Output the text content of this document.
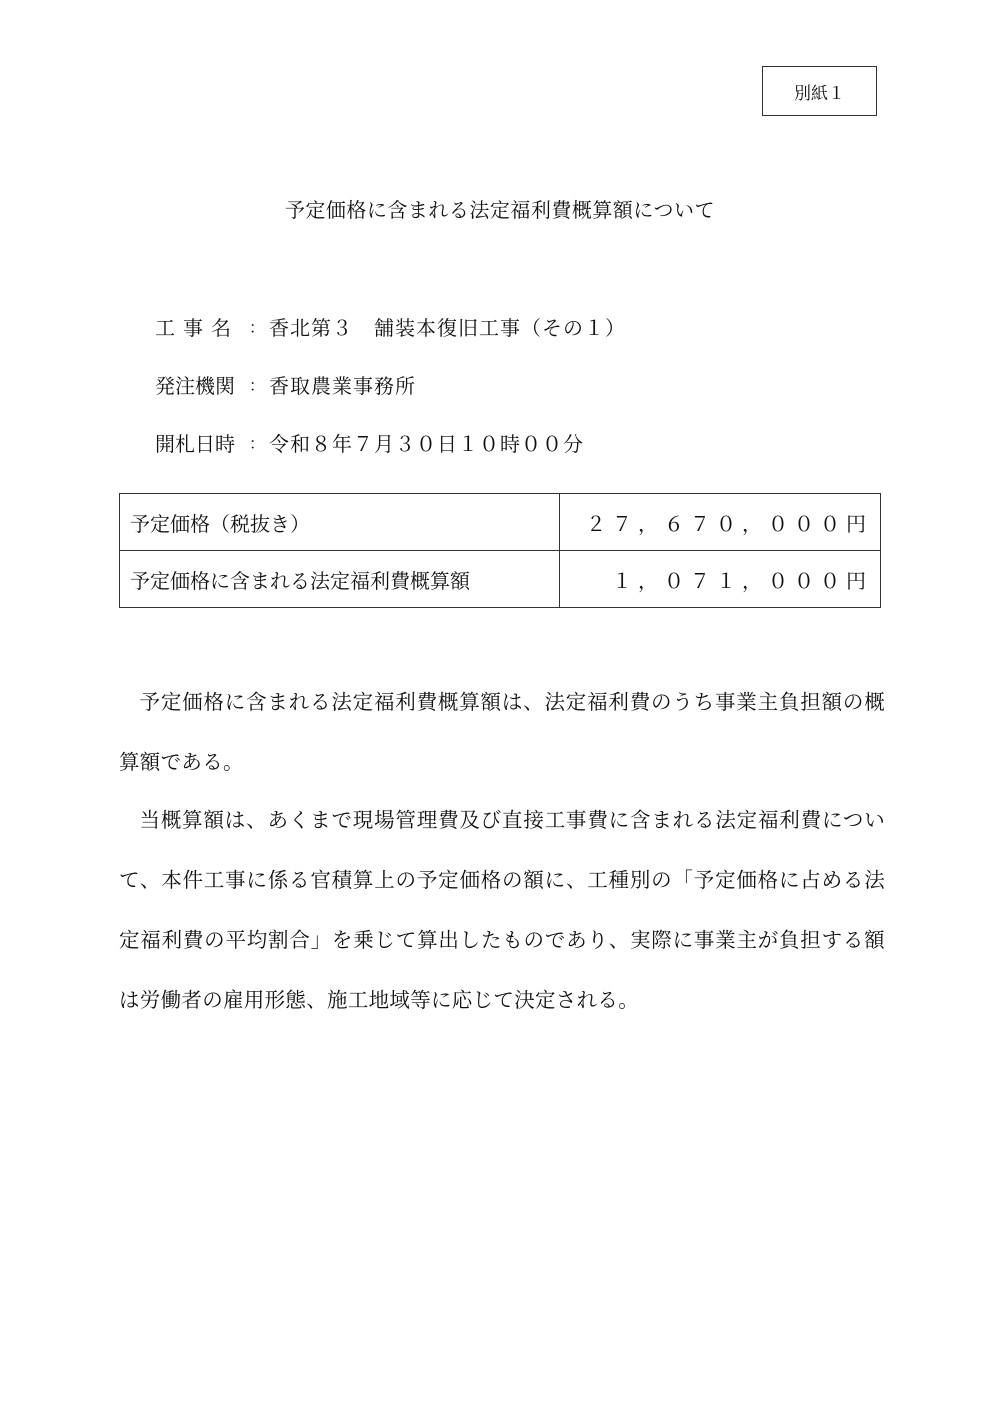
別紙１
予定価格に含まれる法定福利費概算額について
工事名 ： 香北第３　舗装本復旧工事（その１）
発注機関 ： 香取農業事務所
開札日時 ： 令和８年７月３０日１０時００分
予定価格（税抜き）	２７，６７０，０００円
予定価格に含まれる法定福利費概算額	１，０７１，０００円

予定価格に含まれる法定福利費概算額は、法定福利費のうち事業主負担額の概算額である。

当概算額は、あくまで現場管理費及び直接工事費に含まれる法定福利費について、本件工事に係る官積算上の予定価格の額に、工種別の「予定価格に占める法定福利費の平均割合」を乗じて算出したものであり、実際に事業主が負担する額は労働者の雇用形態、施工地域等に応じて決定される。
